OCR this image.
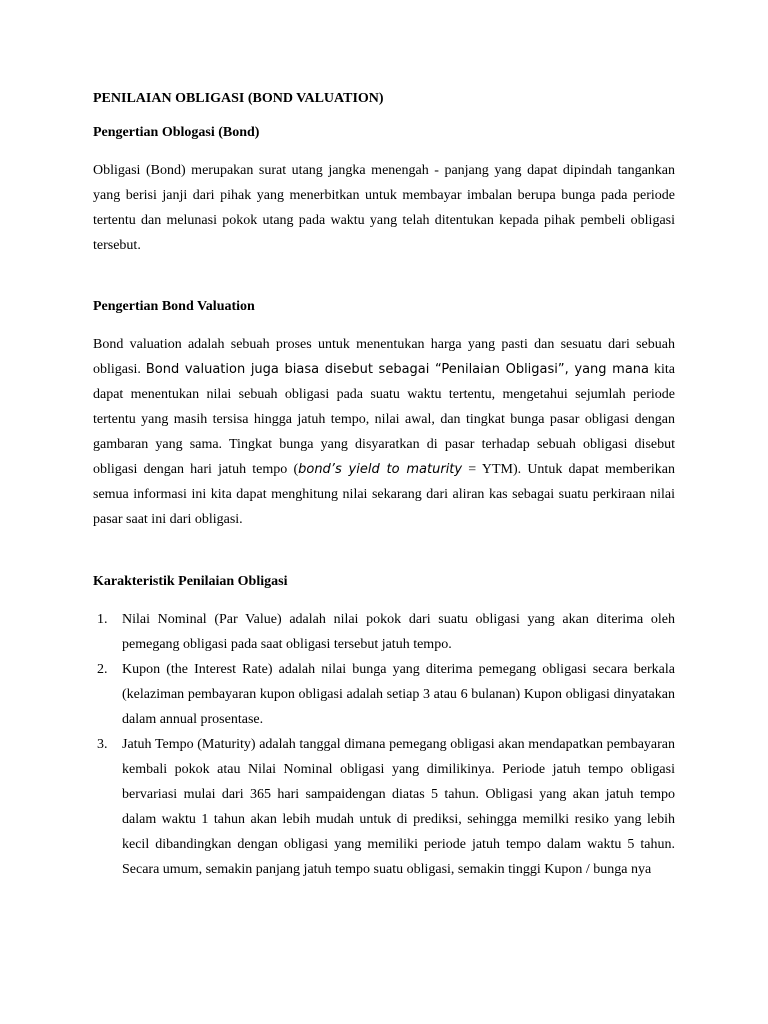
PENILAIAN OBLIGASI (BOND VALUATION)

Pengertian Oblogasi (Bond)

Obligasi (Bond) merupakan surat utang jangka menengah - panjang yang dapat dipindah tangankan yang berisi janji dari pihak yang menerbitkan untuk membayar imbalan berupa bunga pada periode tertentu dan melunasi pokok utang pada waktu yang telah ditentukan kepada pihak pembeli obligasi tersebut.

Pengertian Bond Valuation

Bond valuation adalah sebuah proses untuk menentukan harga yang pasti dan sesuatu dari sebuah obligasi. Bond valuation juga biasa disebut sebagai “Penilaian Obligasi”, yang mana kita dapat menentukan nilai sebuah obligasi pada suatu waktu tertentu, mengetahui sejumlah periode tertentu yang masih tersisa hingga jatuh tempo, nilai awal, dan tingkat bunga pasar obligasi dengan gambaran yang sama. Tingkat bunga yang disyaratkan di pasar terhadap sebuah obligasi disebut obligasi dengan hari jatuh tempo (bond’s yield to maturity = YTM). Untuk dapat memberikan semua informasi ini kita dapat menghitung nilai sekarang dari aliran kas sebagai suatu perkiraan nilai pasar saat ini dari obligasi.

Karakteristik Penilaian Obligasi

1. Nilai Nominal (Par Value) adalah nilai pokok dari suatu obligasi yang akan diterima oleh pemegang obligasi pada saat obligasi tersebut jatuh tempo.
2. Kupon (the Interest Rate) adalah nilai bunga yang diterima pemegang obligasi secara berkala (kelaziman pembayaran kupon obligasi adalah setiap 3 atau 6 bulanan) Kupon obligasi dinyatakan dalam annual prosentase.
3. Jatuh Tempo (Maturity) adalah tanggal dimana pemegang obligasi akan mendapatkan pembayaran kembali pokok atau Nilai Nominal obligasi yang dimilikinya. Periode jatuh tempo obligasi bervariasi mulai dari 365 hari sampaidengan diatas 5 tahun. Obligasi yang akan jatuh tempo dalam waktu 1 tahun akan lebih mudah untuk di prediksi, sehingga memilki resiko yang lebih kecil dibandingkan dengan obligasi yang memiliki periode jatuh tempo dalam waktu 5 tahun. Secara umum, semakin panjang jatuh tempo suatu obligasi, semakin tinggi Kupon / bunga nya
